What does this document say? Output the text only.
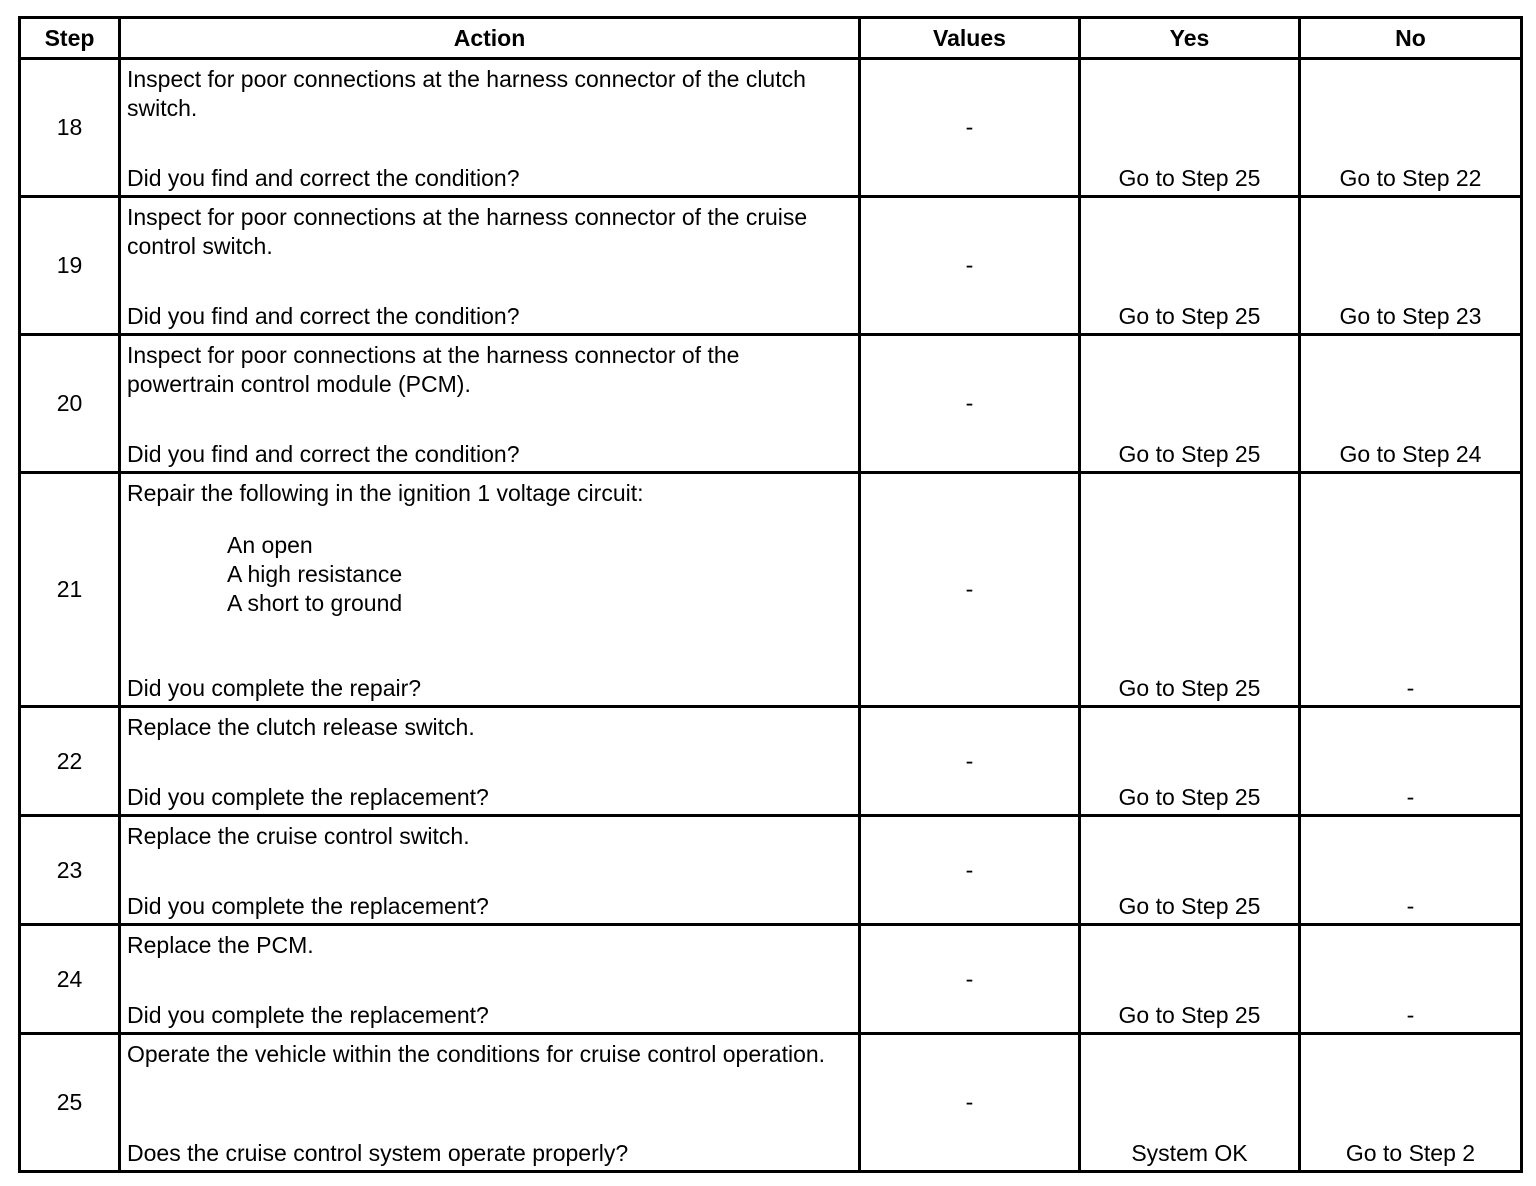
Step	Action	Values	Yes	No
18	Inspect for poor connections at the harness connector of the clutch switch.
Did you find and correct the condition?	-	Go to Step 25	Go to Step 22
19	Inspect for poor connections at the harness connector of the cruise control switch.
Did you find and correct the condition?	-	Go to Step 25	Go to Step 23
20	Inspect for poor connections at the harness connector of the powertrain control module (PCM).
Did you find and correct the condition?	-	Go to Step 25	Go to Step 24
21	Repair the following in the ignition 1 voltage circuit:
An open
A high resistance
A short to ground
Did you complete the repair?	-	Go to Step 25	-
22	Replace the clutch release switch.
Did you complete the replacement?	-	Go to Step 25	-
23	Replace the cruise control switch.
Did you complete the replacement?	-	Go to Step 25	-
24	Replace the PCM.
Did you complete the replacement?	-	Go to Step 25	-
25	Operate the vehicle within the conditions for cruise control operation.
Does the cruise control system operate properly?	-	System OK	Go to Step 2
